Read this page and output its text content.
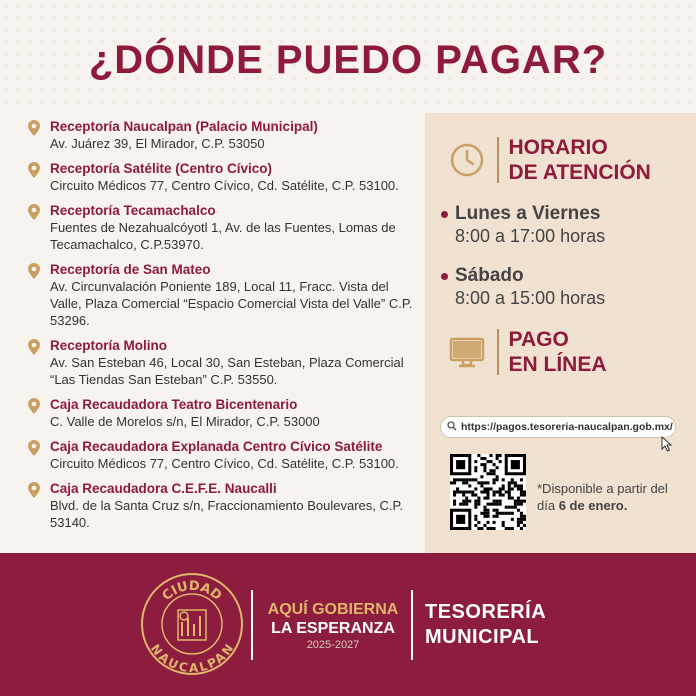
¿DÓNDE PUEDO PAGAR?
Receptoría Naucalpan (Palacio Municipal)
Av. Juárez 39, El Mirador, C.P. 53050
Receptoría Satélite (Centro Cívico)
Circuito Médicos 77, Centro Cívico, Cd. Satélite, C.P. 53100.
Receptoría Tecamachalco
Fuentes de Nezahualcóyotl 1, Av. de las Fuentes, Lomas de Tecamachalco, C.P.53970.
Receptoría de San Mateo
Av. Circunvalación Poniente 189, Local 11, Fracc. Vista del Valle, Plaza Comercial “Espacio Comercial Vista del Valle” C.P. 53296.
Receptoría Molino
Av. San Esteban 46, Local 30, San Esteban, Plaza Comercial “Las Tiendas San Esteban” C.P. 53550.
Caja Recaudadora Teatro Bicentenario
C. Valle de Morelos s/n, El Mirador, C.P. 53000
Caja Recaudadora Explanada Centro Cívico Satélite
Circuito Médicos 77, Centro Cívico, Cd. Satélite, C.P. 53100.
Caja Recaudadora C.E.F.E. Naucalli
Blvd. de la Santa Cruz s/n, Fraccionamiento Boulevares, C.P. 53140.
HORARIO
DE ATENCIÓN
Lunes a Viernes
8:00 a 17:00 horas
Sábado
8:00 a 15:00 horas
PAGO
EN LÍNEA
https://pagos.tesoreria-naucalpan.gob.mx/
*Disponible a partir del día 6 de enero.
CIUDAD
NAUCALPAN
AQUÍ GOBIERNA
LA ESPERANZA
2025-2027
TESORERÍA
MUNICIPAL
